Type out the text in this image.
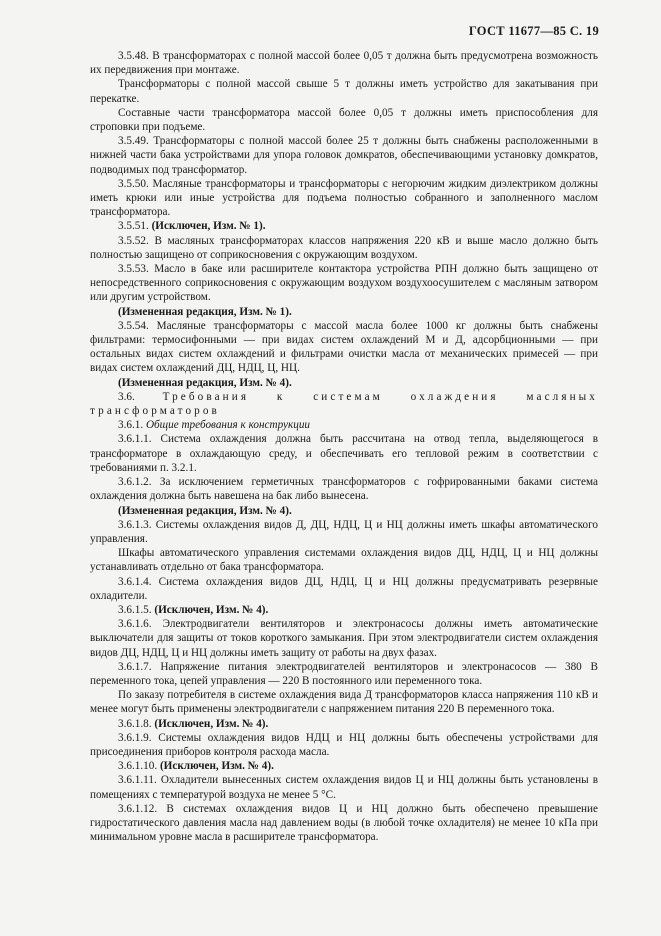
ГОСТ 11677—85 С. 19

3.5.48. В трансформаторах с полной массой более 0,05 т должна быть предусмотрена возможность их передвижения при монтаже.

Трансформаторы с полной массой свыше 5 т должны иметь устройство для закатывания при перекатке.

Составные части трансформатора массой более 0,05 т должны иметь приспособления для строповки при подъеме.

3.5.49. Трансформаторы с полной массой более 25 т должны быть снабжены расположенными в нижней части бака устройствами для упора головок домкратов, обеспечивающими установку домкратов, подводимых под трансформатор.

3.5.50. Масляные трансформаторы и трансформаторы с негорючим жидким диэлектриком должны иметь крюки или иные устройства для подъема полностью собранного и заполненного маслом трансформатора.

3.5.51. (Исключен, Изм. № 1).

3.5.52. В масляных трансформаторах классов напряжения 220 кВ и выше масло должно быть полностью защищено от соприкосновения с окружающим воздухом.

3.5.53. Масло в баке или расширителе контактора устройства РПН должно быть защищено от непосредственного соприкосновения с окружающим воздухом воздухоосушителем с масляным затвором или другим устройством.

(Измененная редакция, Изм. № 1).

3.5.54. Масляные трансформаторы с массой масла более 1000 кг должны быть снабжены фильтрами: термосифонными — при видах систем охлаждений М и Д, адсорбционными — при остальных видах систем охлаждений и фильтрами очистки масла от механических примесей — при видах систем охлаждений ДЦ, НДЦ, Ц, НЦ.

(Измененная редакция, Изм. № 4).

3.6. Требования к системам охлаждения масляных трансформаторов

3.6.1. Общие требования к конструкции

3.6.1.1. Система охлаждения должна быть рассчитана на отвод тепла, выделяющегося в трансформаторе в охлаждающую среду, и обеспечивать его тепловой режим в соответствии с требованиями п. 3.2.1.

3.6.1.2. За исключением герметичных трансформаторов с гофрированными баками система охлаждения должна быть навешена на бак либо вынесена.

(Измененная редакция, Изм. № 4).

3.6.1.3. Системы охлаждения видов Д, ДЦ, НДЦ, Ц и НЦ должны иметь шкафы автоматического управления.

Шкафы автоматического управления системами охлаждения видов ДЦ, НДЦ, Ц и НЦ должны устанавливать отдельно от бака трансформатора.

3.6.1.4. Система охлаждения видов ДЦ, НДЦ, Ц и НЦ должны предусматривать резервные охладители.

3.6.1.5. (Исключен, Изм. № 4).

3.6.1.6. Электродвигатели вентиляторов и электронасосы должны иметь автоматические выключатели для защиты от токов короткого замыкания. При этом электродвигатели систем охлаждения видов ДЦ, НДЦ, Ц и НЦ должны иметь защиту от работы на двух фазах.

3.6.1.7. Напряжение питания электродвигателей вентиляторов и электронасосов — 380 В переменного тока, цепей управления — 220 В постоянного или переменного тока.

По заказу потребителя в системе охлаждения вида Д трансформаторов класса напряжения 110 кВ и менее могут быть применены электродвигатели с напряжением питания 220 В переменного тока.

3.6.1.8. (Исключен, Изм. № 4).

3.6.1.9. Системы охлаждения видов НДЦ и НЦ должны быть обеспечены устройствами для присоединения приборов контроля расхода масла.

3.6.1.10. (Исключен, Изм. № 4).

3.6.1.11. Охладители вынесенных систем охлаждения видов Ц и НЦ должны быть установлены в помещениях с температурой воздуха не менее 5 °С.

3.6.1.12. В системах охлаждения видов Ц и НЦ должно быть обеспечено превышение гидростатического давления масла над давлением воды (в любой точке охладителя) не менее 10 кПа при минимальном уровне масла в расширителе трансформатора.
